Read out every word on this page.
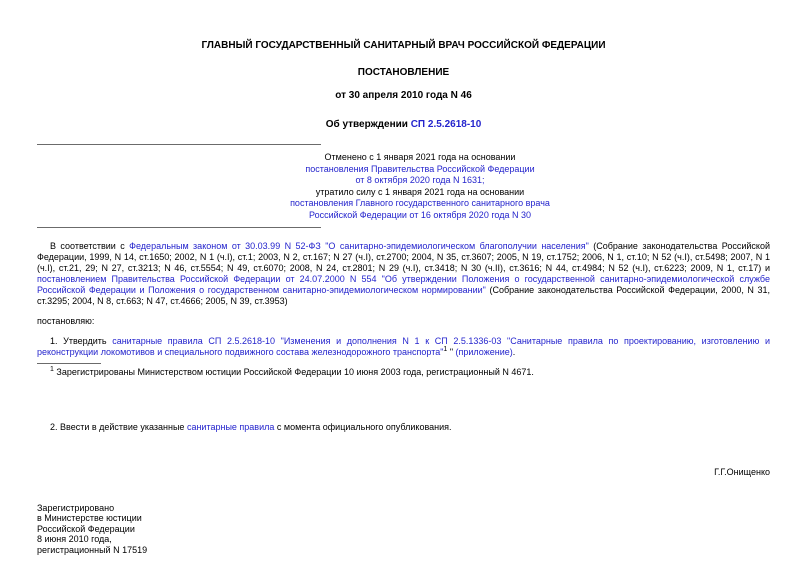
ГЛАВНЫЙ ГОСУДАРСТВЕННЫЙ САНИТАРНЫЙ ВРАЧ РОССИЙСКОЙ ФЕДЕРАЦИИ
ПОСТАНОВЛЕНИЕ
от 30 апреля 2010 года N 46
Об утверждении СП 2.5.2618-10
Отменено с 1 января 2021 года на основании
постановления Правительства Российской Федерации
от 8 октября 2020 года N 1631;
утратило силу с 1 января 2021 года на основании
постановления Главного государственного санитарного врача
Российской Федерации от 16 октября 2020 года N 30

В соответствии с Федеральным законом от 30.03.99 N 52-ФЗ "О санитарно-эпидемиологическом благополучии населения" (Собрание законодательства Российской Федерации, 1999, N 14, ст.1650; 2002, N 1 (ч.I), ст.1; 2003, N 2, ст.167; N 27 (ч.I), ст.2700; 2004, N 35, ст.3607; 2005, N 19, ст.1752; 2006, N 1, ст.10; N 52 (ч.I), ст.5498; 2007, N 1 (ч.I), ст.21, 29; N 27, ст.3213; N 46, ст.5554; N 49, ст.6070; 2008, N 24, ст.2801; N 29 (ч.I), ст.3418; N 30 (ч.II), ст.3616; N 44, ст.4984; N 52 (ч.I), ст.6223; 2009, N 1, ст.17) и постановлением Правительства Российской Федерации от 24.07.2000 N 554 "Об утверждении Положения о государственной санитарно-эпидемиологической службе Российской Федерации и Положения о государственном санитарно-эпидемиологическом нормировании" (Собрание законодательства Российской Федерации, 2000, N 31, ст.3295; 2004, N 8, ст.663; N 47, ст.4666; 2005, N 39, ст.3953)

постановляю:

1. Утвердить санитарные правила СП 2.5.2618-10 "Изменения и дополнения N 1 к СП 2.5.1336-03 "Санитарные правила по проектированию, изготовлению и реконструкции локомотивов и специального подвижного состава железнодорожного транспорта"$^1$ " (приложение).

$^1$ Зарегистрированы Министерством юстиции Российской Федерации 10 июня 2003 года, регистрационный N 4671.

2. Ввести в действие указанные санитарные правила с момента официального опубликования.

Г.Г.Онищенко
Зарегистрировано
в Министерстве юстиции
Российской Федерации
8 июня 2010 года,
регистрационный N 17519
